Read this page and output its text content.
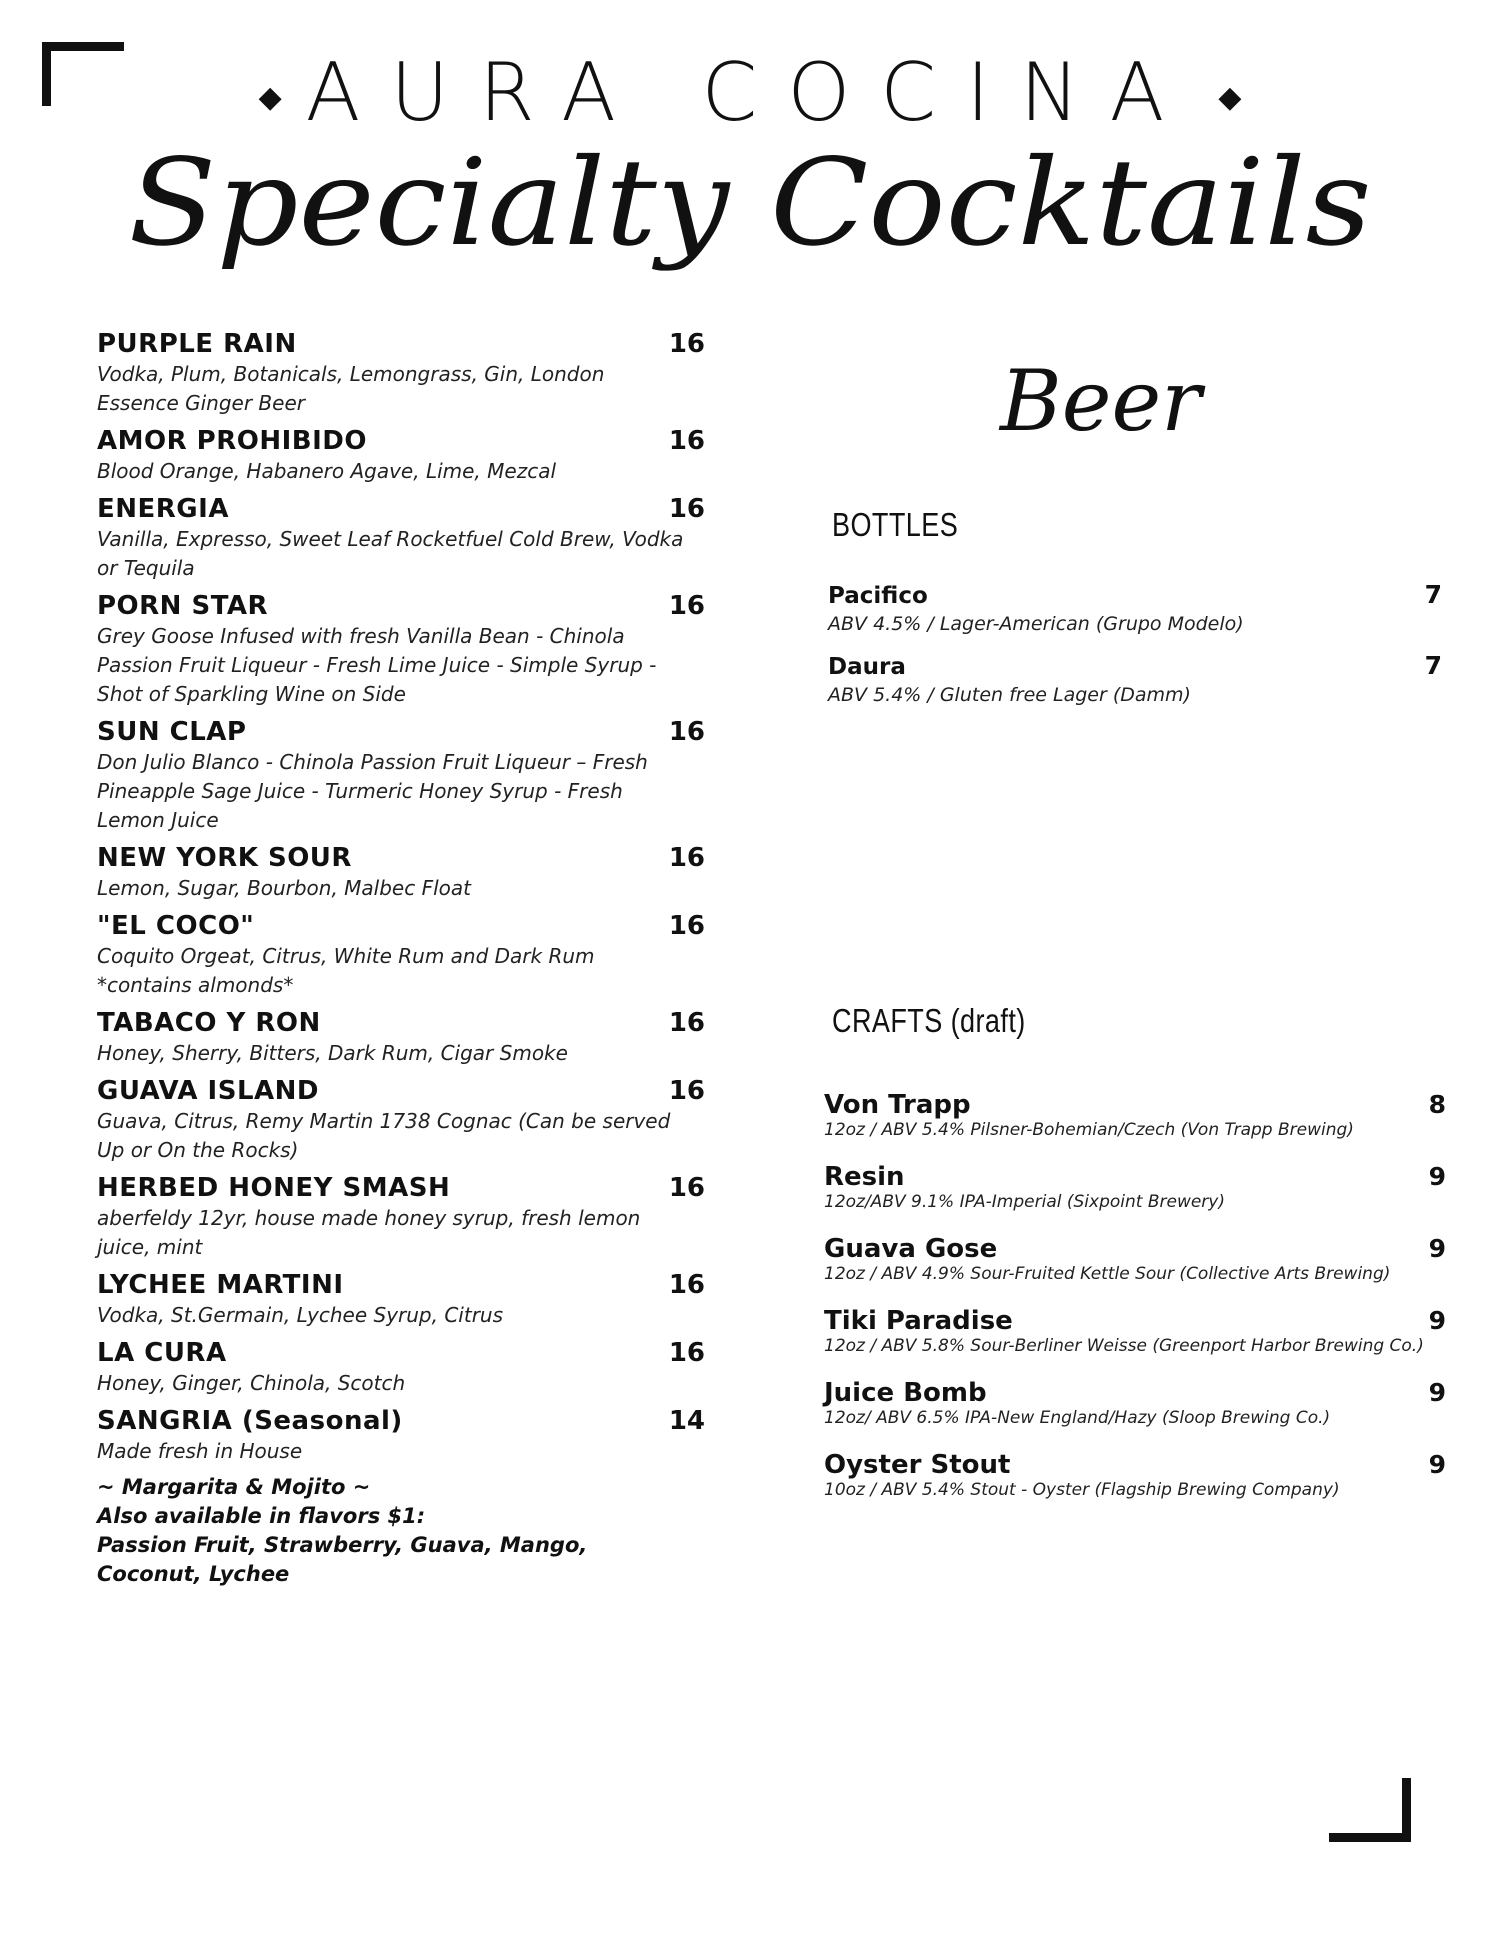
◆ AURA COCINA ◆
Specialty Cocktails
PURPLE RAIN	16
Vodka, Plum, Botanicals, Lemongrass, Gin, London Essence Ginger Beer
AMOR PROHIBIDO	16
Blood Orange, Habanero Agave, Lime, Mezcal
ENERGIA	16
Vanilla, Expresso, Sweet Leaf Rocketfuel Cold Brew, Vodka or Tequila
PORN STAR	16
Grey Goose Infused with fresh Vanilla Bean - Chinola Passion Fruit Liqueur - Fresh Lime Juice - Simple Syrup - Shot of Sparkling Wine on Side
SUN CLAP	16
Don Julio Blanco - Chinola Passion Fruit Liqueur – Fresh Pineapple Sage Juice - Turmeric Honey Syrup - Fresh Lemon Juice
NEW YORK SOUR	16
Lemon, Sugar, Bourbon, Malbec Float
"EL COCO"	16
Coquito Orgeat, Citrus, White Rum and Dark Rum *contains almonds*
TABACO Y RON	16
Honey, Sherry, Bitters, Dark Rum, Cigar Smoke
GUAVA ISLAND	16
Guava, Citrus, Remy Martin 1738 Cognac (Can be served Up or On the Rocks)
HERBED HONEY SMASH	16
aberfeldy 12yr, house made honey syrup, fresh lemon juice, mint
LYCHEE MARTINI	16
Vodka, St.Germain, Lychee Syrup, Citrus
LA CURA	16
Honey, Ginger, Chinola, Scotch
SANGRIA (Seasonal)	14
Made fresh in House
~ Margarita & Mojito ~
Also available in flavors $1:
Passion Fruit, Strawberry, Guava, Mango, Coconut, Lychee
Beer
BOTTLES
Pacifico	7
ABV 4.5% / Lager-American (Grupo Modelo)
Daura	7
ABV 5.4% / Gluten free Lager (Damm)
CRAFTS (draft)
Von Trapp	8
12oz / ABV 5.4% Pilsner-Bohemian/Czech (Von Trapp Brewing)
Resin	9
12oz/ABV 9.1% IPA-Imperial (Sixpoint Brewery)
Guava Gose	9
12oz / ABV 4.9% Sour-Fruited Kettle Sour (Collective Arts Brewing)
Tiki Paradise	9
12oz / ABV 5.8% Sour-Berliner Weisse (Greenport Harbor Brewing Co.)
Juice Bomb	9
12oz/ ABV 6.5% IPA-New England/Hazy (Sloop Brewing Co.)
Oyster Stout	9
10oz / ABV 5.4% Stout - Oyster (Flagship Brewing Company)
